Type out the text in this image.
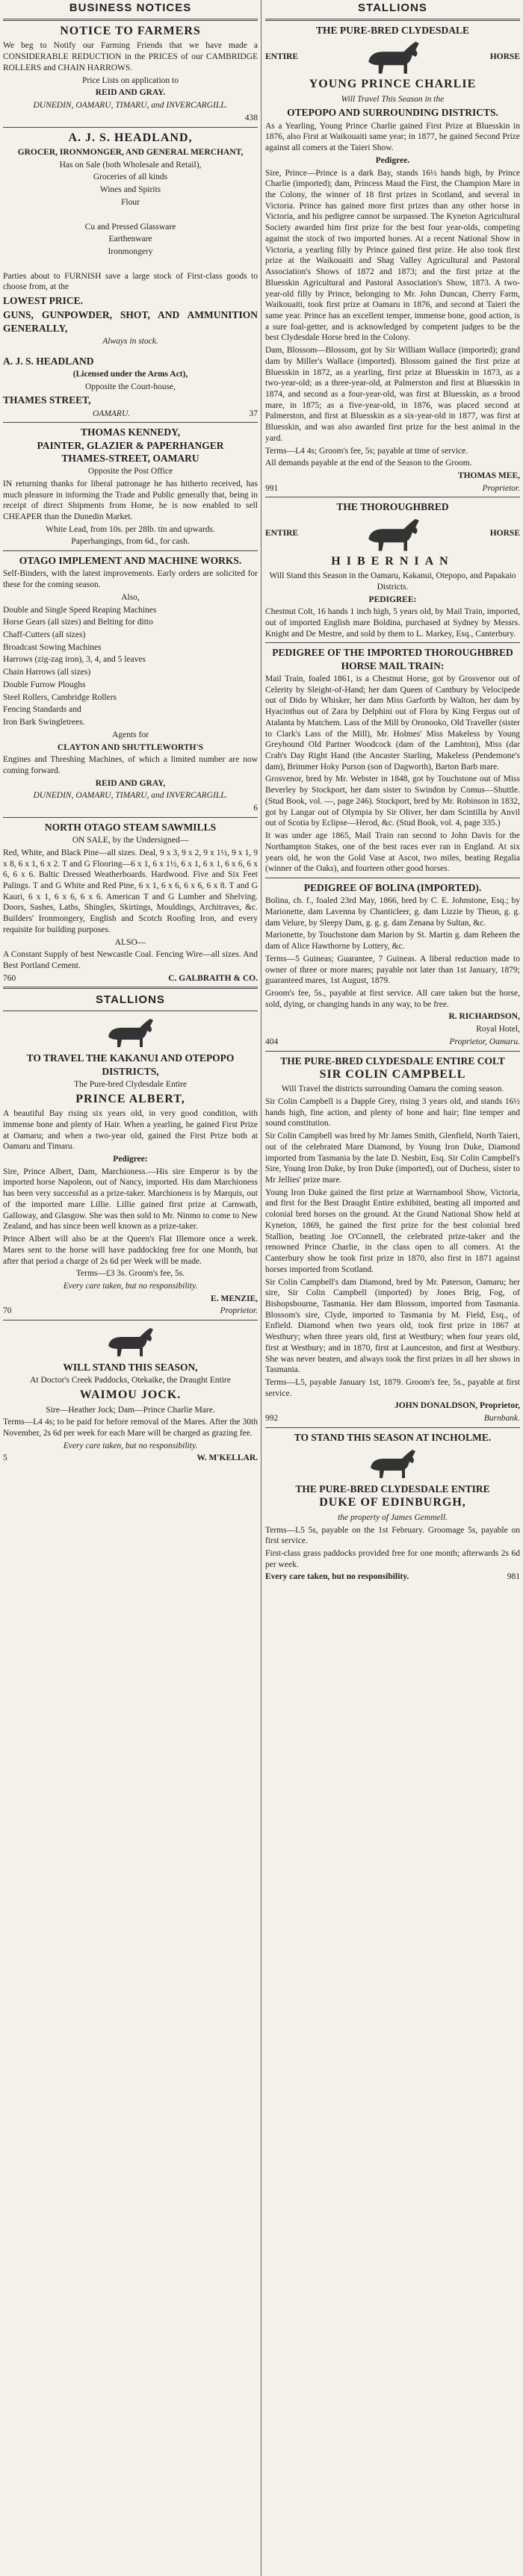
BUSINESS NOTICES
NOTICE TO FARMERS

We beg to Notify our Farming Friends that we have made a CONSIDERABLE REDUCTION in the PRICES of our CAMBRIDGE ROLLERS and CHAIN HARROWS.

Price Lists on application to

REID AND GRAY.

DUNEDIN, OAMARU, TIMARU, and INVERCARGILL.

438

A. J. S. HEADLAND,

GROCER, IRONMONGER, AND GENERAL MERCHANT,

Has on Sale (both Wholesale and Retail),

Groceries of all kinds

Wines and Spirits

Flour

Cu and Pressed Glassware

Earthenware

Ironmongery

Parties about to FURNISH save a large stock of First-class goods to choose from, at the

LOWEST PRICE.

GUNS, GUNPOWDER, SHOT, AND AMMUNITION GENERALLY,

Always in stock.

A. J. S. HEADLAND

(Licensed under the Arms Act),

Opposite the Court-house,

THAMES STREET,

OAMARU.	37
THOMAS KENNEDY,
PAINTER, GLAZIER & PAPERHANGER
THAMES-STREET, OAMARU

Opposite the Post Office

IN returning thanks for liberal patronage he has hitherto received, has much pleasure in informing the Trade and Public generally that, being in receipt of direct Shipments from Home, he is now enabled to sell CHEAPER than the Dunedin Market.

White Lead, from 10s. per 28lb. tin and upwards.

Paperhangings, from 6d., for cash.

OTAGO IMPLEMENT AND MACHINE WORKS.

Self-Binders, with the latest improvements. Early orders are solicited for these for the coming season.

Also,

Double and Single Speed Reaping Machines

Horse Gears (all sizes) and Belting for ditto

Chaff-Cutters (all sizes)

Broadcast Sowing Machines

Harrows (zig-zag iron), 3, 4, and 5 leaves

Chain Harrows (all sizes)

Double Furrow Ploughs

Steel Rollers, Cambridge Rollers

Fencing Standards and

Iron Bark Swingletrees.

Agents for

CLAYTON AND SHUTTLEWORTH'S

Engines and Threshing Machines, of which a limited number are now coming forward.

REID AND GRAY,

DUNEDIN, OAMARU, TIMARU, and INVERCARGILL.

6

NORTH OTAGO STEAM SAWMILLS

ON SALE, by the Undersigned—

Red, White, and Black Pine—all sizes. Deal, 9 x 3, 9 x 2, 9 x 1½, 9 x 1, 9 x 8, 6 x 1, 6 x 2. T and G Flooring—6 x 1, 6 x 1½, 6 x 1, 6 x 1, 6 x 6, 6 x 6, 6 x 6. Baltic Dressed Weatherboards. Hardwood. Five and Six Feet Palings. T and G White and Red Pine, 6 x 1, 6 x 6, 6 x 6, 6 x 8. T and G Kauri, 6 x 1, 6 x 6, 6 x 6. American T and G Lumber and Shelving. Doors, Sashes, Laths, Shingles, Skirtings, Mouldings, Architraves, &c. Builders' Ironmongery, English and Scotch Roofing Iron, and every requisite for building purposes.

ALSO—

A Constant Supply of best Newcastle Coal. Fencing Wire—all sizes. And Best Portland Cement.

760	C. GALBRAITH & CO.
STALLIONS
TO TRAVEL THE KAKANUI AND OTEPOPO DISTRICTS,

The Pure-bred Clydesdale Entire

PRINCE ALBERT,

A beautiful Bay rising six years old, in very good condition, with immense bone and plenty of Hair. When a yearling, he gained First Prize at Oamaru; and when a two-year old, gained the First Prize both at Oamaru and Timaru.

Pedigree:

Sire, Prince Albert, Dam, Marchioness.—His sire Emperor is by the imported horse Napoleon, out of Nancy, imported. His dam Marchioness has been very successful as a prize-taker. Marchioness is by Marquis, out of the imported mare Lillie. Lillie gained first prize at Carnwath, Galloway, and Glasgow. She was then sold to Mr. Ninmo to come to New Zealand, and has since been well known as a prize-taker.

Prince Albert will also be at the Queen's Flat Illemore once a week. Mares sent to the horse will have paddocking free for one Month, but after that period a charge of 2s 6d per Week will be made.

Terms—£3 3s. Groom's fee, 5s.

Every care taken, but no responsibility.

E. MENZIE,

70	Proprietor.
WILL STAND THIS SEASON,

At Doctor's Creek Paddocks, Otekaike, the Draught Entire

WAIMOU JOCK.

Sire—Heather Jock; Dam—Prince Charlie Mare.

Terms—L4 4s; to be paid for before removal of the Mares. After the 30th November, 2s 6d per week for each Mare will be charged as grazing fee.

Every care taken, but no responsibility.

5	W. M'KELLAR.
STALLIONS
THE PURE-BRED CLYDESDALE
ENTIRE	HORSE
YOUNG PRINCE CHARLIE

Will Travel This Season in the

OTEPOPO AND SURROUNDING DISTRICTS.

As a Yearling, Young Prince Charlie gained First Prize at Bluesskin in 1876, also First at Waikouaiti same year; in 1877, he gained Second Prize against all comers at the Taieri Show.

Pedigree.

Sire, Prince—Prince is a dark Bay, stands 16½ hands high, by Prince Charlie (imported); dam, Princess Maud the First, the Champion Mare in the Colony, the winner of 18 first prizes in Scotland, and several in Victoria. Prince has gained more first prizes than any other horse in Victoria, and his pedigree cannot be surpassed. The Kyneton Agricultural Society awarded him first prize for the best four year-olds, competing against the stock of two imported horses. At a recent National Show in Victoria, a yearling filly by Prince gained first prize. He also took first prize at the Waikouaiti and Shag Valley Agricultural and Pastoral Association's Shows of 1872 and 1873; and the first prize at the Bluesskin Agricultural and Pastoral Association's Show, 1873. A two-year-old filly by Prince, belonging to Mr. John Duncan, Cherry Farm, Waikouaiti, took first prize at Oamaru in 1876, and second at Taieri the same year. Prince has an excellent temper, immense bone, good action, is a sure foal-getter, and is acknowledged by competent judges to be the best Clydesdale Horse bred in the Colony.

Dam, Blossom—Blossom, got by Sir William Wallace (imported); grand dam by Miller's Wallace (imported). Blossom gained the first prize at Bluesskin in 1872, as a yearling, first prize at Bluesskin in 1873, as a two-year-old; as a three-year-old, at Palmerston and first at Bluesskin in 1874, and second as a four-year-old, was first at Bluesskin, as a brood mare, in 1875; as a five-year-old, in 1876, was placed second at Palmerston, and first at Bluesskin as a six-year-old in 1877, was first at Bluesskin, and was also awarded first prize for the best animal in the yard.

Terms—L4 4s; Groom's fee, 5s; payable at time of service.

All demands payable at the end of the Season to the Groom.

THOMAS MEE,

991	Proprietor.
THE THOROUGHBRED
ENTIRE	HORSE
HIBERNIAN

Will Stand this Season in the Oamaru, Kakanui, Otepopo, and Papakaio Districts.

PEDIGREE:

Chestnut Colt, 16 hands 1 inch high, 5 years old, by Mail Train, imported, out of imported English mare Boldina, purchased at Sydney by Messrs. Knight and De Mestre, and sold by them to L. Markey, Esq., Canterbury.

PEDIGREE OF THE IMPORTED THOROUGHBRED HORSE MAIL TRAIN:

Mail Train, foaled 1861, is a Chestnut Horse, got by Grosvenor out of Celerity by Sleight-of-Hand; her dam Queen of Cantbury by Velocipede out of Dido by Whisker, her dam Miss Garforth by Walton, her dam by Hyacinthus out of Zara by Delphini out of Flora by King Fergus out of Atalanta by Matchem. Lass of the Mill by Oronooko, Old Traveller (sister to Clark's Lass of the Mill), Mr. Holmes' Miss Makeless by Young Greyhound Old Partner Woodcock (dam of the Lambton), Miss (dar Crab's Day Right Hand (the Ancaster Starling, Makeless (Pendemone's dam), Brimmer Hoky Purson (son of Dagworth), Barton Barb mare.

Grosvenor, bred by Mr. Webster in 1848, got by Touchstone out of Miss Beverley by Stockport, her dam sister to Swindon by Comus—Shuttle. (Stud Book, vol. —, page 246). Stockport, bred by Mr. Robinson in 1832, got by Langar out of Olympia by Sir Oliver, her dam Scintilla by Anvil out of Scotia by Eclipse—Herod, &c. (Stud Book, vol. 4, page 335.)

It was under age 1865, Mail Train ran second to John Davis for the Northampton Stakes, one of the best races ever ran in England. At six years old, he won the Gold Vase at Ascot, two miles, beating Regalia (winner of the Oaks), and fourteen other good horses.

PEDIGREE OF BOLINA (IMPORTED).

Bolina, ch. f., foaled 23rd May, 1866, bred by C. E. Johnstone, Esq.; by Marionette, dam Lavenna by Chanticleer, g. dam Lizzie by Theon, g. g. dam Velure, by Sleepy Dam, g. g. g. dam Zenana by Sultan, &c.

Marionette, by Touchstone dam Marion by St. Martin g. dam Reheen the dam of Alice Hawthorne by Lottery, &c.

Terms—5 Guineas; Guarantee, 7 Guineas. A liberal reduction made to owner of three or more mares; payable not later than 1st January, 1879; guaranteed mares, 1st August, 1879.

Groom's fee, 5s., payable at first service. All care taken but the horse, sold, dying, or changing hands in any way, to be free.

R. RICHARDSON,

Royal Hotel,

404	Proprietor, Oamaru.
THE PURE-BRED CLYDESDALE ENTIRE COLT
SIR COLIN CAMPBELL

Will Travel the districts surrounding Oamaru the coming season.

Sir Colin Campbell is a Dapple Grey, rising 3 years old, and stands 16½ hands high, fine action, and plenty of bone and hair; fine temper and sound constitution.

Sir Colin Campbell was bred by Mr James Smith, Glenfield, North Taieri, out of the celebrated Mare Diamond, by Young Iron Duke, Diamond imported from Tasmania by the late D. Nesbitt, Esq. Sir Colin Campbell's Sire, Young Iron Duke, by Iron Duke (imported), out of Duchess, sister to Mr Jellies' prize mare.

Young Iron Duke gained the first prize at Warrnambool Show, Victoria, and first for the Best Draught Entire exhibited, beating all imported and colonial bred horses on the ground. At the Grand National Show held at Kyneton, 1869, he gained the first prize for the best colonial bred Stallion, beating Joe O'Connell, the celebrated prize-taker and the renowned Prince Charlie, in the class open to all comers. At the Canterbury show he took first prize in 1870, also first in 1871 against horses imported from Scotland.

Sir Colin Campbell's dam Diamond, bred by Mr. Paterson, Oamaru; her sire, Sir Colin Campbell (imported) by Jones Brig, Fog, of Bishopsbourne, Tasmania. Her dam Blossom, imported from Tasmania. Blossom's sire, Clyde, imported to Tasmania by M. Field, Esq., of Enfield. Diamond when two years old, took first prize in 1867 at Westbury; when three years old, first at Westbury; when four years old, first at Westbury; and in 1870, first at Launceston, and first at Westbury. She was never beaten, and always took the first prizes in all her shows in Tasmania.

Terms—L5, payable January 1st, 1879. Groom's fee, 5s., payable at first service.

JOHN DONALDSON, Proprietor,

992	Burnbank.
TO STAND THIS SEASON AT INCHOLME.
THE PURE-BRED CLYDESDALE ENTIRE
DUKE OF EDINBURGH,

the property of James Gemmell.

Terms—L5 5s, payable on the 1st February. Groomage 5s, payable on first service.

First-class grass paddocks provided free for one month; afterwards 2s 6d per week.

Every care taken, but no responsibility.	981
